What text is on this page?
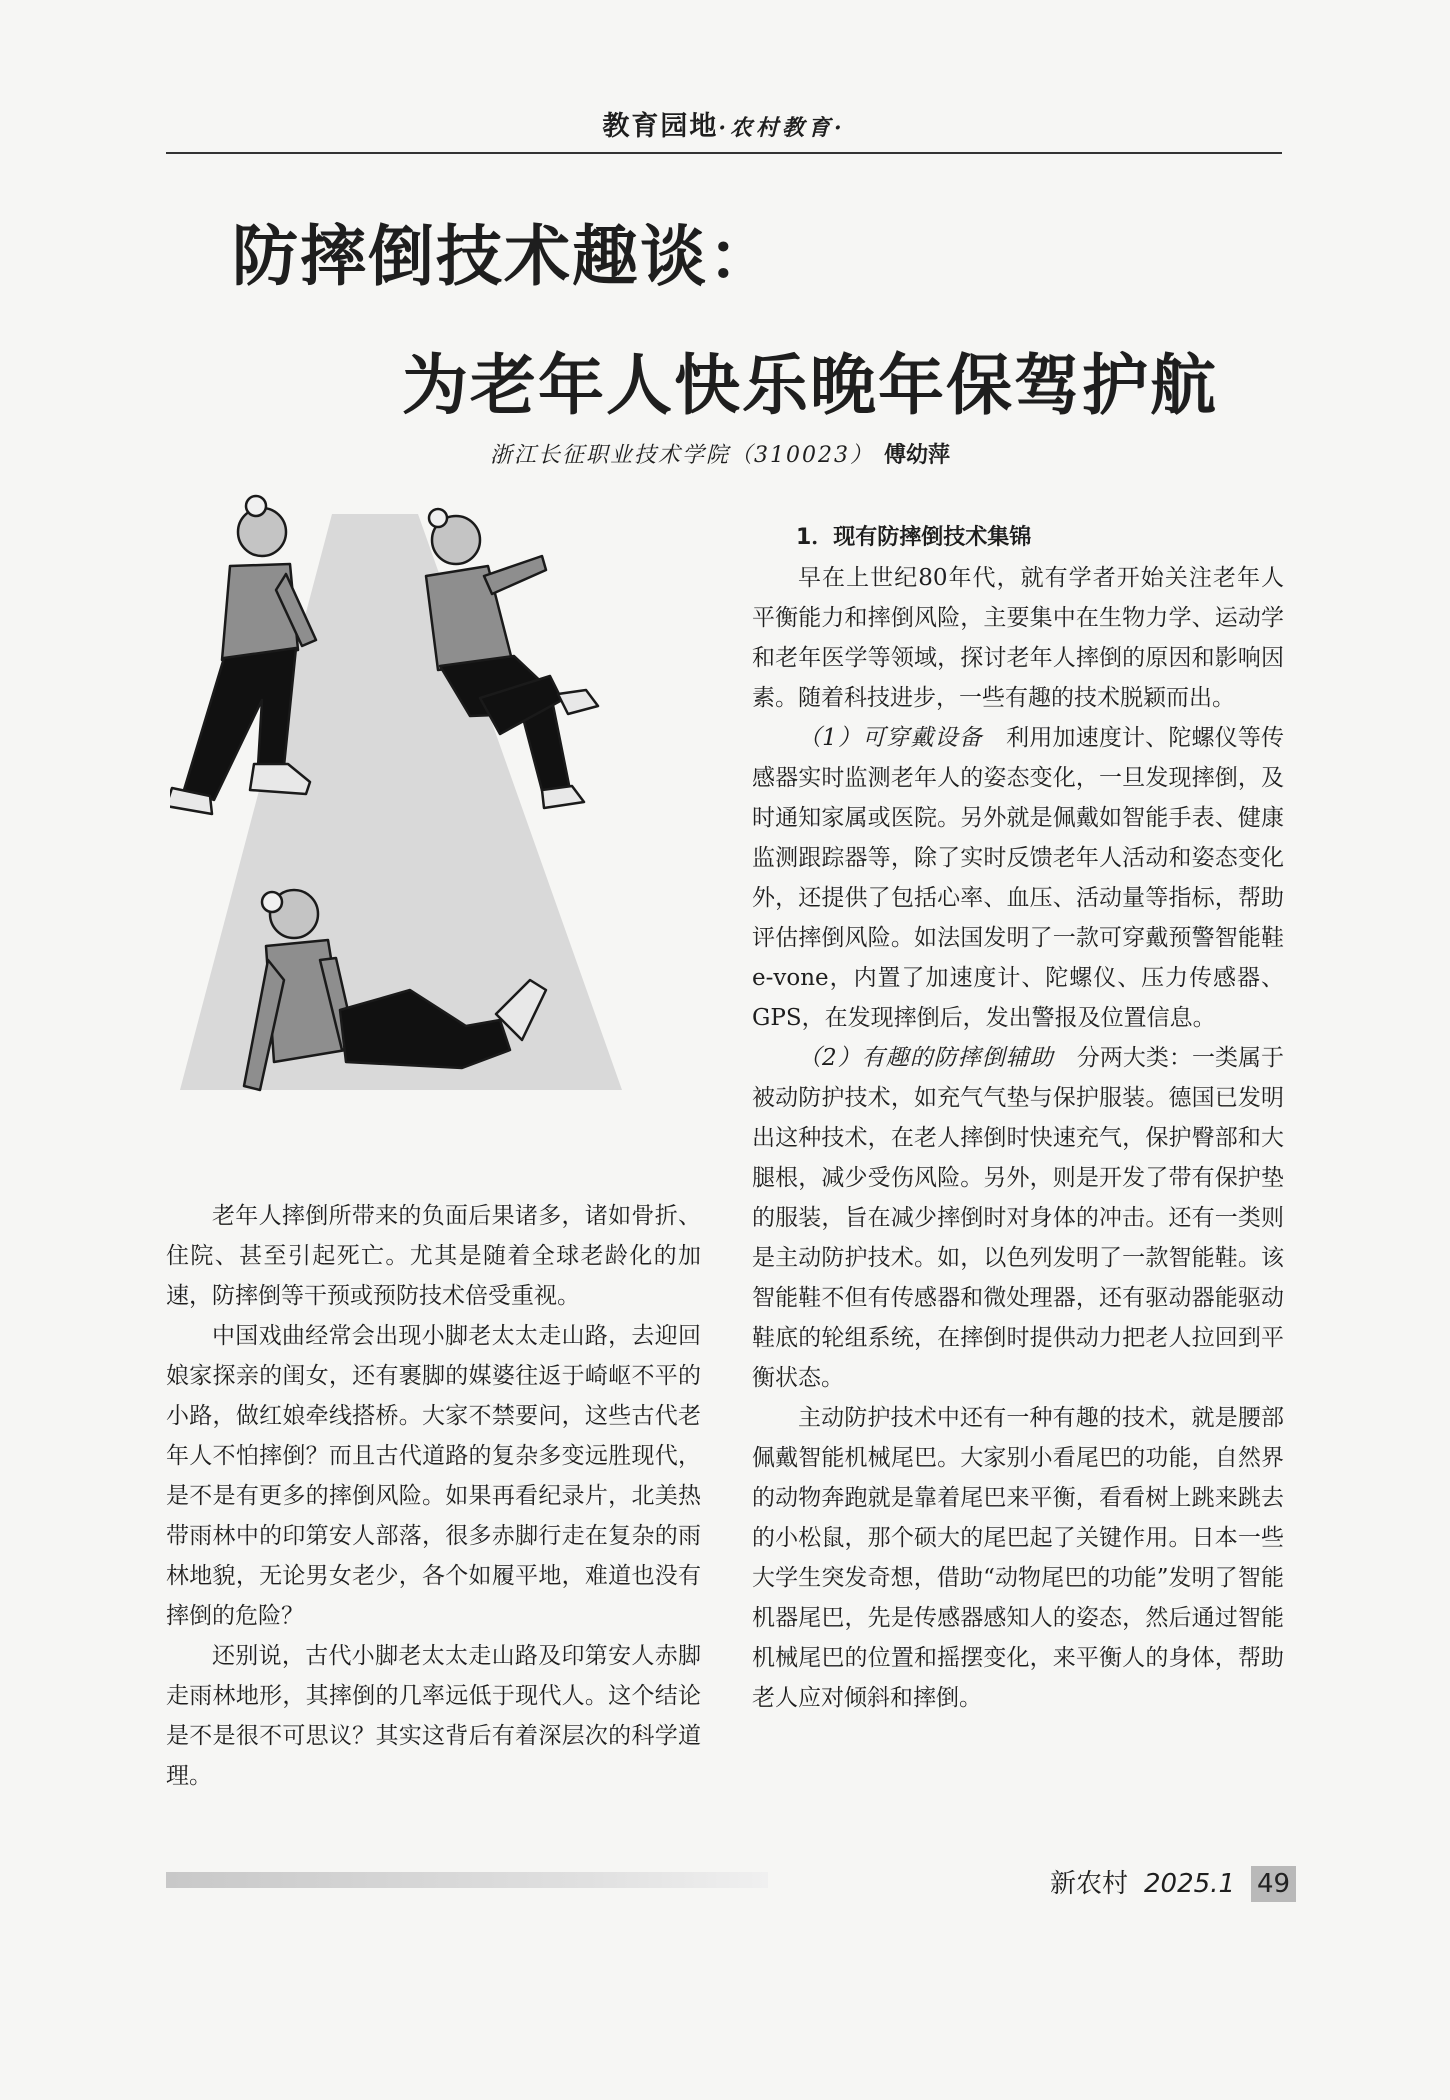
教育园地·农村教育·
防摔倒技术趣谈：
为老年人快乐晚年保驾护航
浙江长征职业技术学院（310023） 傅幼萍

老年人摔倒所带来的负面后果诸多，诸如骨折、住院、甚至引起死亡。尤其是随着全球老龄化的加速，防摔倒等干预或预防技术倍受重视。

中国戏曲经常会出现小脚老太太走山路，去迎回娘家探亲的闺女，还有裹脚的媒婆往返于崎岖不平的小路，做红娘牵线搭桥。大家不禁要问，这些古代老年人不怕摔倒？而且古代道路的复杂多变远胜现代，是不是有更多的摔倒风险。如果再看纪录片，北美热带雨林中的印第安人部落，很多赤脚行走在复杂的雨林地貌，无论男女老少，各个如履平地，难道也没有摔倒的危险？

还别说，古代小脚老太太走山路及印第安人赤脚走雨林地形，其摔倒的几率远低于现代人。这个结论是不是很不可思议？其实这背后有着深层次的科学道理。

1．现有防摔倒技术集锦

早在上世纪80年代，就有学者开始关注老年人平衡能力和摔倒风险，主要集中在生物力学、运动学和老年医学等领域，探讨老年人摔倒的原因和影响因素。随着科技进步，一些有趣的技术脱颖而出。

（1）可穿戴设备　 利用加速度计、陀螺仪等传感器实时监测老年人的姿态变化，一旦发现摔倒，及时通知家属或医院。另外就是佩戴如智能手表、健康监测跟踪器等，除了实时反馈老年人活动和姿态变化外，还提供了包括心率、血压、活动量等指标，帮助评估摔倒风险。如法国发明了一款可穿戴预警智能鞋e-vone，内置了加速度计、陀螺仪、压力传感器、GPS，在发现摔倒后，发出警报及位置信息。

（2）有趣的防摔倒辅助　 分两大类：一类属于被动防护技术，如充气气垫与保护服装。德国已发明出这种技术，在老人摔倒时快速充气，保护臀部和大腿根，减少受伤风险。另外，则是开发了带有保护垫的服装，旨在减少摔倒时对身体的冲击。还有一类则是主动防护技术。如，以色列发明了一款智能鞋。该智能鞋不但有传感器和微处理器，还有驱动器能驱动鞋底的轮组系统，在摔倒时提供动力把老人拉回到平衡状态。

主动防护技术中还有一种有趣的技术，就是腰部佩戴智能机械尾巴。大家别小看尾巴的功能，自然界的动物奔跑就是靠着尾巴来平衡，看看树上跳来跳去的小松鼠，那个硕大的尾巴起了关键作用。日本一些大学生突发奇想，借助“动物尾巴的功能”发明了智能机器尾巴，先是传感器感知人的姿态，然后通过智能机械尾巴的位置和摇摆变化，来平衡人的身体，帮助老人应对倾斜和摔倒。

新农村 2025.1 49
